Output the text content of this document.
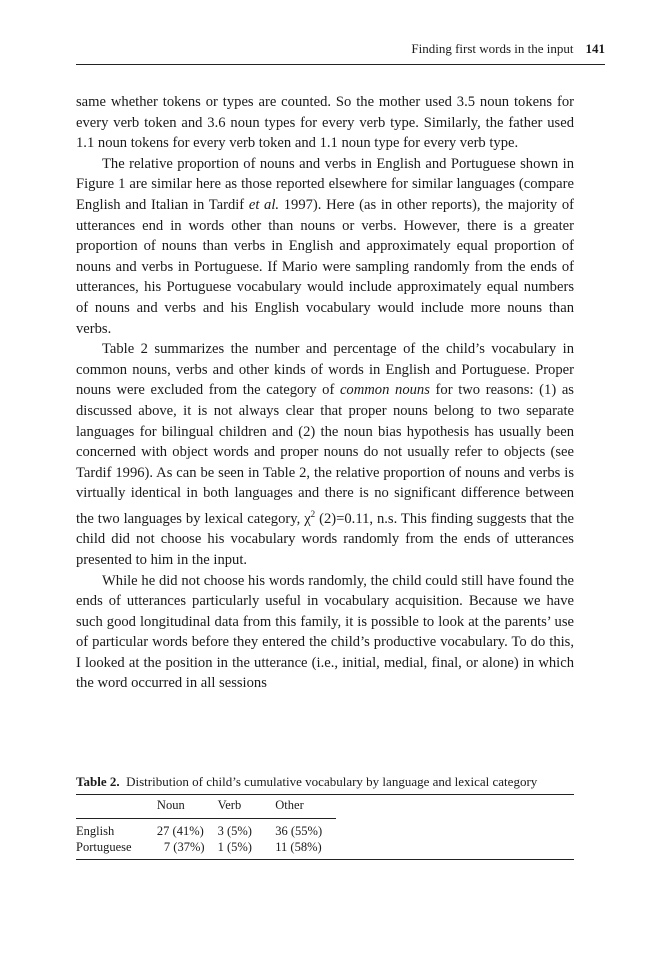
Finding first words in the input 141

same whether tokens or types are counted. So the mother used 3.5 noun tokens for every verb token and 3.6 noun types for every verb type. Similarly, the father used 1.1 noun tokens for every verb token and 1.1 noun type for every verb type.

The relative proportion of nouns and verbs in English and Portuguese shown in Figure 1 are similar here as those reported elsewhere for similar languages (compare English and Italian in Tardif et al. 1997). Here (as in other reports), the majority of utterances end in words other than nouns or verbs. However, there is a greater proportion of nouns than verbs in English and approximately equal proportion of nouns and verbs in Portuguese. If Mario were sampling randomly from the ends of utterances, his Portuguese vocabulary would include approximately equal numbers of nouns and verbs and his English vocabulary would include more nouns than verbs.

Table 2 summarizes the number and percentage of the child’s vocabulary in common nouns, verbs and other kinds of words in English and Portuguese. Proper nouns were excluded from the category of common nouns for two reasons: (1) as discussed above, it is not always clear that proper nouns belong to two separate languages for bilingual children and (2) the noun bias hypothesis has usually been concerned with object words and proper nouns do not usually refer to objects (see Tardif 1996). As can be seen in Table 2, the relative proportion of nouns and verbs is virtually identical in both languages and there is no significant difference between the two languages by lexical category, $\chi^2$ (2)=0.11, n.s. This finding suggests that the child did not choose his vocabulary words randomly from the ends of utterances presented to him in the input.

While he did not choose his words randomly, the child could still have found the ends of utterances particularly useful in vocabulary acquisition. Because we have such good longitudinal data from this family, it is possible to look at the parents’ use of particular words before they entered the child’s productive vocabulary. To do this, I looked at the position in the utterance (i.e., initial, medial, final, or alone) in which the word occurred in all sessions

Table 2. Distribution of child’s cumulative vocabulary by language and lexical category

	Noun	Verb	Other

English	27 (41%)	3 (5%)	36 (55%)
Portuguese	7 (37%)	1 (5%)	11 (58%)
